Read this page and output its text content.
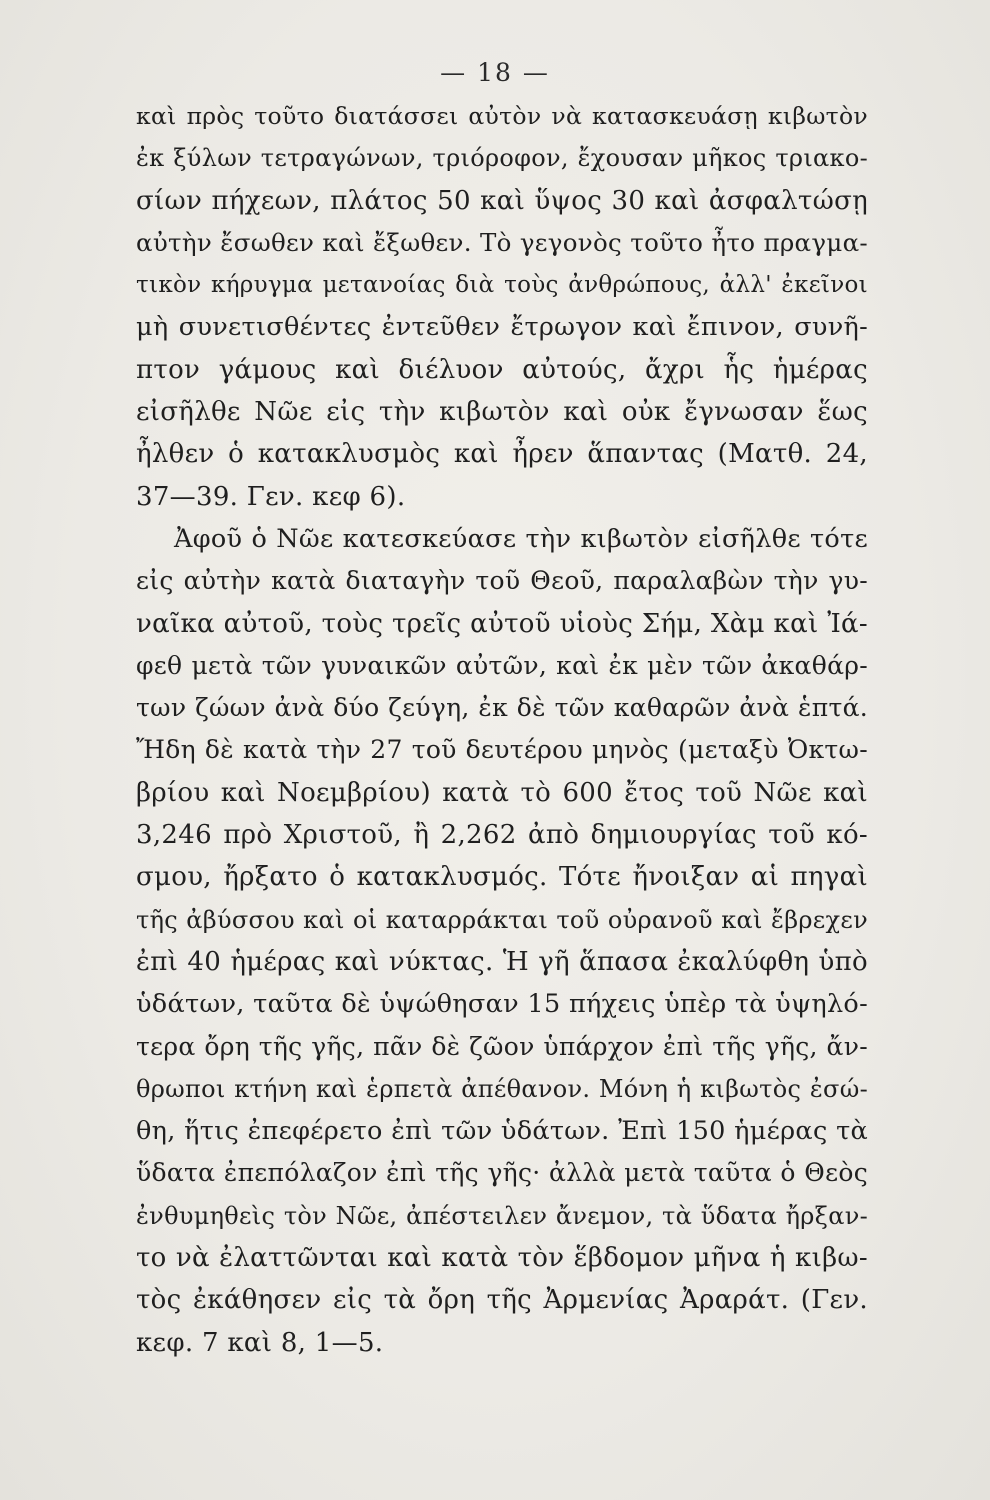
— 18 —
καὶ πρὸς τοῦτο διατάσσει αὐτὸν νὰ κατασκευάσῃ κιβωτὸν
ἐκ ξύλων τετραγώνων, τριόροφον, ἔχουσαν μῆκος τριακο-
σίων πήχεων, πλάτος 50 καὶ ὕψος 30 καὶ ἀσφαλτώσῃ
αὐτὴν ἔσωθεν καὶ ἔξωθεν. Τὸ γεγονὸς τοῦτο ἦτο πραγμα-
τικὸν κήρυγμα μετανοίας διὰ τοὺς ἀνθρώπους, ἀλλ' ἐκεῖνοι
μὴ συνετισθέντες ἐντεῦθεν ἔτρωγον καὶ ἔπινον, συνῆ-
πτον γάμους καὶ διέλυον αὐτούς, ἄχρι ἧς ἡμέρας
εἰσῆλθε Νῶε εἰς τὴν κιβωτὸν καὶ οὐκ ἔγνωσαν ἕως
ἦλθεν ὁ κατακλυσμὸς καὶ ἦρεν ἅπαντας (Ματθ. 24,
37—39. Γεν. κεφ 6).
Ἀφοῦ ὁ Νῶε κατεσκεύασε τὴν κιβωτὸν εἰσῆλθε τότε
εἰς αὐτὴν κατὰ διαταγὴν τοῦ Θεοῦ, παραλαβὼν τὴν γυ-
ναῖκα αὐτοῦ, τοὺς τρεῖς αὐτοῦ υἱοὺς Σήμ, Χὰμ καὶ Ἰά-
φεθ μετὰ τῶν γυναικῶν αὐτῶν, καὶ ἐκ μὲν τῶν ἀκαθάρ-
των ζώων ἀνὰ δύο ζεύγη, ἐκ δὲ τῶν καθαρῶν ἀνὰ ἑπτά.
Ἤδη δὲ κατὰ τὴν 27 τοῦ δευτέρου μηνὸς (μεταξὺ Ὀκτω-
βρίου καὶ Νοεμβρίου) κατὰ τὸ 600 ἔτος τοῦ Νῶε καὶ
3,246 πρὸ Χριστοῦ, ἢ 2,262 ἀπὸ δημιουργίας τοῦ κό-
σμου, ἤρξατο ὁ κατακλυσμός. Τότε ἤνοιξαν αἱ πηγαὶ
τῆς ἀβύσσου καὶ οἱ καταρράκται τοῦ οὐρανοῦ καὶ ἔβρεχεν
ἐπὶ 40 ἡμέρας καὶ νύκτας. Ἡ γῆ ἅπασα ἐκαλύφθη ὑπὸ
ὑδάτων, ταῦτα δὲ ὑψώθησαν 15 πήχεις ὑπὲρ τὰ ὑψηλό-
τερα ὄρη τῆς γῆς, πᾶν δὲ ζῶον ὑπάρχον ἐπὶ τῆς γῆς, ἄν-
θρωποι κτήνη καὶ ἑρπετὰ ἀπέθανον. Μόνη ἡ κιβωτὸς ἐσώ-
θη, ἥτις ἐπεφέρετο ἐπὶ τῶν ὑδάτων. Ἐπὶ 150 ἡμέρας τὰ
ὕδατα ἐπεπόλαζον ἐπὶ τῆς γῆς· ἀλλὰ μετὰ ταῦτα ὁ Θεὸς
ἐνθυμηθεὶς τὸν Νῶε, ἀπέστειλεν ἄνεμον, τὰ ὕδατα ἤρξαν-
το νὰ ἐλαττῶνται καὶ κατὰ τὸν ἕβδομον μῆνα ἡ κιβω-
τὸς ἐκάθησεν εἰς τὰ ὄρη τῆς Ἀρμενίας Ἀραράτ. (Γεν.
κεφ. 7 καὶ 8, 1—5.
